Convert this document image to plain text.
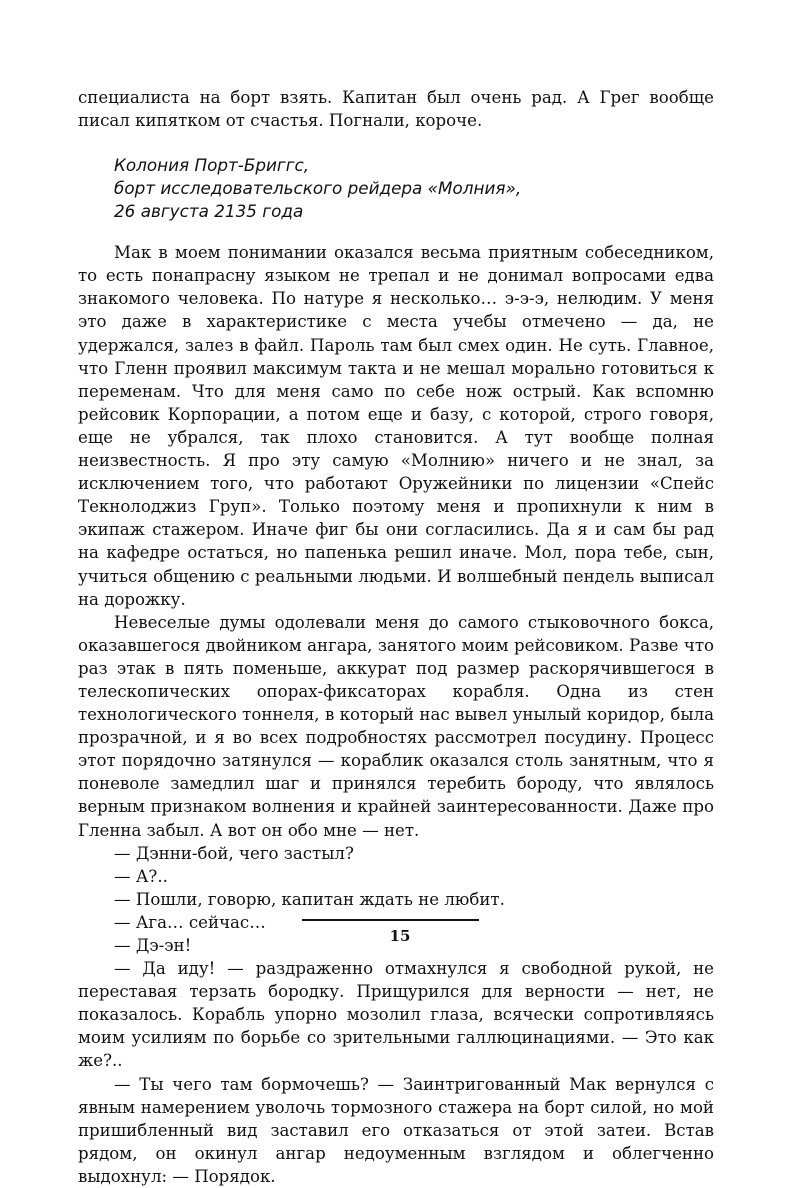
специалиста на борт взять. Капитан был очень рад. А Грег вообще писал кипятком от счастья. Погнали, короче.

Колония Порт-Бриггс,
борт исследовательского рейдера «Молния»,
26 августа 2135 года

Мак в моем понимании оказался весьма приятным собеседником, то есть понапрасну языком не трепал и не донимал вопросами едва знакомого человека. По натуре я несколько… э-э-э, нелюдим. У меня это даже в характеристике с места учебы отмечено — да, не удержался, залез в файл. Пароль там был смех один. Не суть. Главное, что Гленн проявил максимум такта и не мешал морально готовиться к переменам. Что для меня само по себе нож острый. Как вспомню рейсовик Корпорации, а потом еще и базу, с которой, строго говоря, еще не убрался, так плохо становится. А тут вообще полная неизвестность. Я про эту самую «Молнию» ничего и не знал, за исключением того, что работают Оружейники по лицензии «Спейс Текнолоджиз Груп». Только поэтому меня и пропихнули к ним в экипаж стажером. Иначе фиг бы они согласились. Да я и сам бы рад на кафедре остаться, но папенька решил иначе. Мол, пора тебе, сын, учиться общению с реальными людьми. И волшебный пендель выписал на дорожку.

Невеселые думы одолевали меня до самого стыковочного бокса, оказавшегося двойником ангара, занятого моим рейсовиком. Разве что раз этак в пять поменьше, аккурат под размер раскорячившегося в телескопических опорах-фиксаторах корабля. Одна из стен технологического тоннеля, в который нас вывел унылый коридор, была прозрачной, и я во всех подробностях рассмотрел посудину. Процесс этот порядочно затянулся — кораблик оказался столь занятным, что я поневоле замедлил шаг и принялся теребить бороду, что являлось верным признаком волнения и крайней заинтересованности. Даже про Гленна забыл. А вот он обо мне — нет.

— Дэнни-бой, чего застыл?

— А?..

— Пошли, говорю, капитан ждать не любит.

— Ага… сейчас…

— Дэ-эн!

— Да иду! — раздраженно отмахнулся я свободной рукой, не переставая терзать бородку. Прищурился для верности — нет, не показалось. Корабль упорно мозолил глаза, всячески сопротивляясь моим усилиям по борьбе со зрительными галлюцинациями. — Это как же?..

— Ты чего там бормочешь? — Заинтригованный Мак вернулся с явным намерением уволочь тормозного стажера на борт силой, но мой пришибленный вид заставил его отказаться от этой затеи. Встав рядом, он окинул ангар недоуменным взглядом и облегченно выдохнул: — Порядок.

15
